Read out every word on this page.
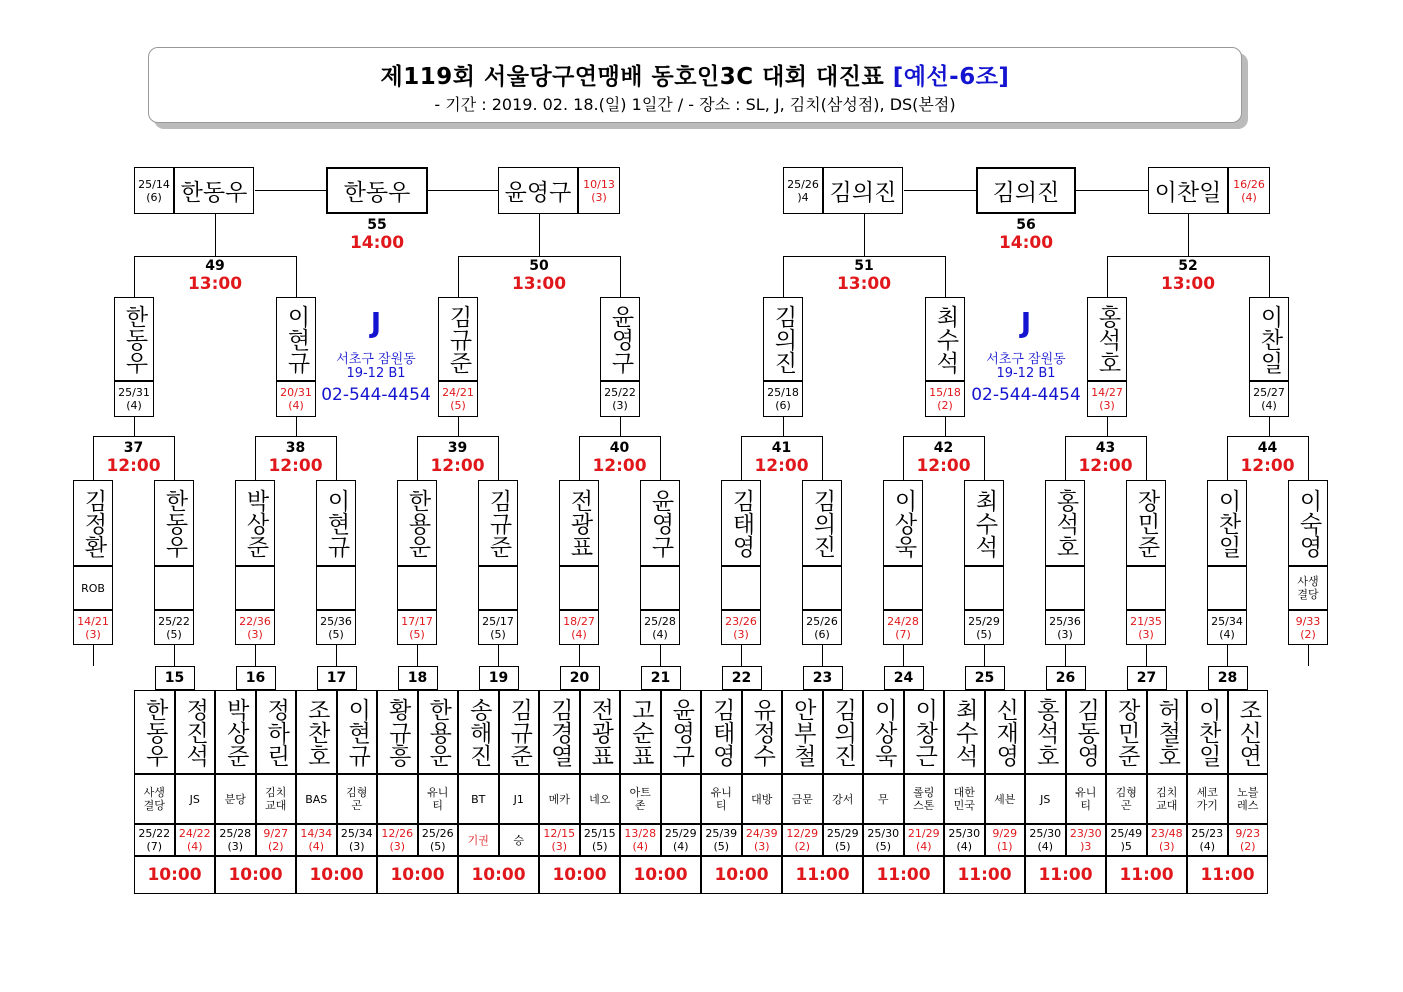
제119회 서울당구연맹배 동호인3C 대회 대진표 [예선-6조]
- 기간 : 2019. 02. 18.(일) 1일간 / - 장소 : SL, J, 김치(삼성점), DS(본점)
15
한동우
사생 결당
25/22
(7)
정진석
JS
24/22
(4)
10:00
16
박상준
분당
25/28
(3)
정하린
김치 교대
9/27
(2)
10:00
17
조찬호
BAS
14/34
(4)
이현규
김형 곤
25/34
(3)
10:00
18
황규흥
12/26
(3)
한용운
유니 티
25/26
(5)
10:00
19
송해진
BT
기권
김규준
J1
승
10:00
20
김경열
메카
12/15
(3)
전광표
네오
25/15
(5)
10:00
21
고순표
아트 존
13/28
(4)
윤영구
25/29
(4)
10:00
22
김태영
유니 티
25/39
(5)
유정수
대방
24/39
(3)
10:00
23
안부철
금문
12/29
(2)
김의진
강서
25/29
(5)
11:00
24
이상욱
무
25/30
(5)
이창근
롤링 스톤
21/29
(4)
11:00
25
최수석
대한 민국
25/30
(4)
신재영
세븐
9/29
(1)
11:00
26
홍석호
JS
25/30
(4)
김동영
유니 티
23/30
)3
11:00
27
장민준
김형 곤
25/49
)5
허철호
김치 교대
23/48
(3)
11:00
28
이찬일
세코 가기
25/23
(4)
조신연
노블 레스
9/23
(2)
11:00
김정환
ROB
14/21
(3)
한동우
25/22
(5)
37
12:00
박상준
22/36
(3)
이현규
25/36
(5)
38
12:00
한용운
17/17
(5)
김규준
25/17
(5)
39
12:00
전광표
18/27
(4)
윤영구
25/28
(4)
40
12:00
김태영
23/26
(3)
김의진
25/26
(6)
41
12:00
이상욱
24/28
(7)
최수석
25/29
(5)
42
12:00
홍석호
25/36
(3)
장민준
21/35
(3)
43
12:00
이찬일
25/34
(4)
이숙영
사생 결당
9/33
(2)
44
12:00
한동우
25/31
(4)
이현규
20/31
(4)
49
13:00
김규준
24/21
(5)
윤영구
25/22
(3)
50
13:00
김의진
25/18
(6)
최수석
15/18
(2)
51
13:00
홍석호
14/27
(3)
이찬일
25/27
(4)
52
13:00
25/14
(6) 한동우	윤영구	10/13
(3)
한동우
55
14:00
25/26
)4 김의진	이찬일	16/26
(4)
김의진
56
14:00
J
서초구 잠원동
19-12 B1
02-544-4454
J
서초구 잠원동
19-12 B1
02-544-4454
